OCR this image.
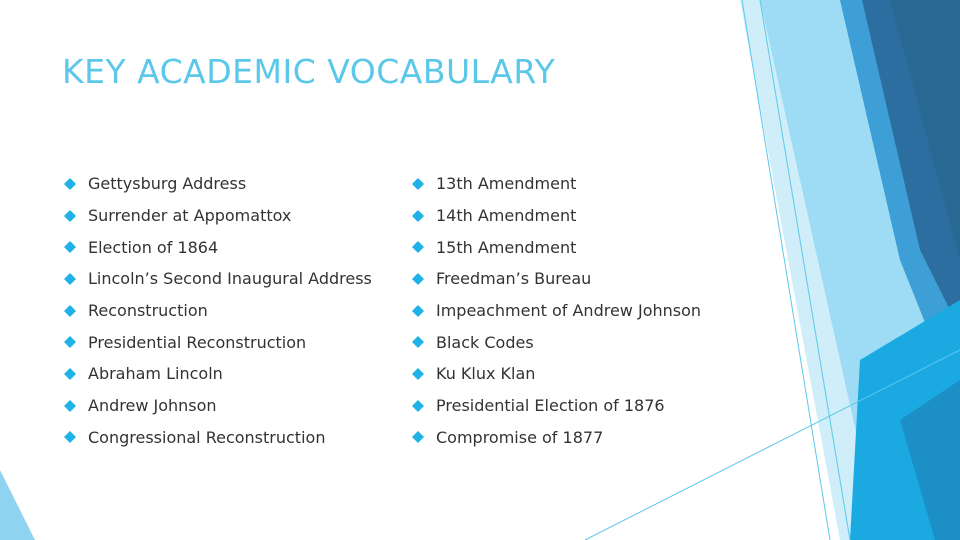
KEY ACADEMIC VOCABULARY
Gettysburg Address
Surrender at Appomattox
Election of 1864
Lincoln’s Second Inaugural Address
Reconstruction
Presidential Reconstruction
Abraham Lincoln
Andrew Johnson
Congressional Reconstruction
13th Amendment
14th Amendment
15th Amendment
Freedman’s Bureau
Impeachment of Andrew Johnson
Black Codes
Ku Klux Klan
Presidential Election of 1876
Compromise of 1877
